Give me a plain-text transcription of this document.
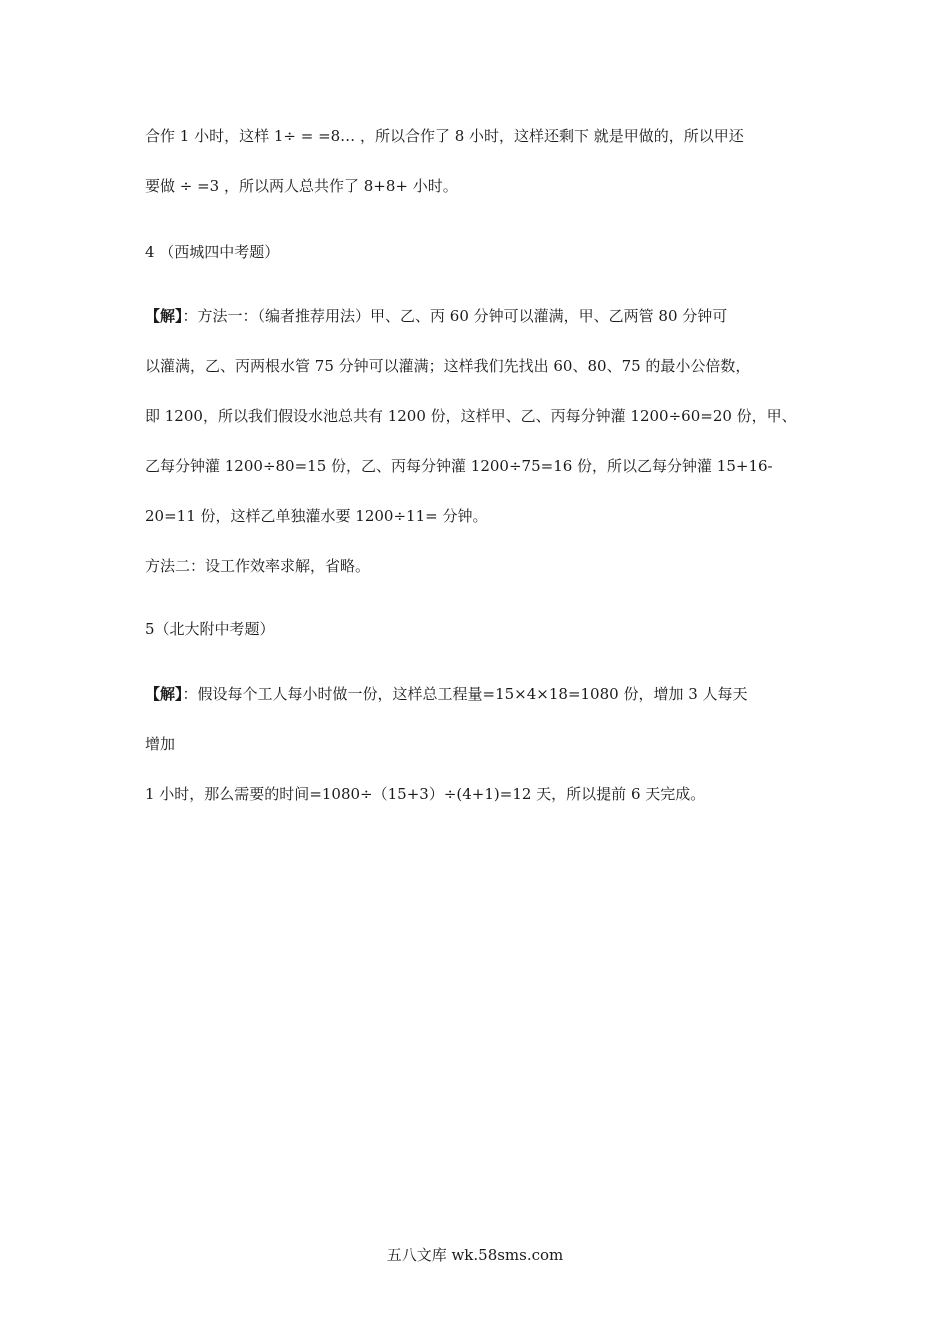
合作 1 小时，这样 1÷ = =8… ，所以合作了 8 小时，这样还剩下 就是甲做的，所以甲还
要做 ÷ =3 ，所以两人总共作了 8+8+ 小时。
4 （西城四中考题）
【解】：方法一：（编者推荐用法）甲、乙、丙 60 分钟可以灌满，甲、乙两管 80 分钟可
以灌满，乙、丙两根水管 75 分钟可以灌满；这样我们先找出 60、80、75 的最小公倍数，
即 1200，所以我们假设水池总共有 1200 份，这样甲、乙、丙每分钟灌 1200÷60=20 份，甲、
乙每分钟灌 1200÷80=15 份，乙、丙每分钟灌 1200÷75=16 份，所以乙每分钟灌 15+16-
20=11 份，这样乙单独灌水要 1200÷11= 分钟。
方法二：设工作效率求解，省略。
5（北大附中考题）
【解】：假设每个工人每小时做一份，这样总工程量=15×4×18=1080 份，增加 3 人每天
增加
1 小时，那么需要的时间=1080÷（15+3）÷(4+1)=12 天，所以提前 6 天完成。
五八文库 wk.58sms.com
